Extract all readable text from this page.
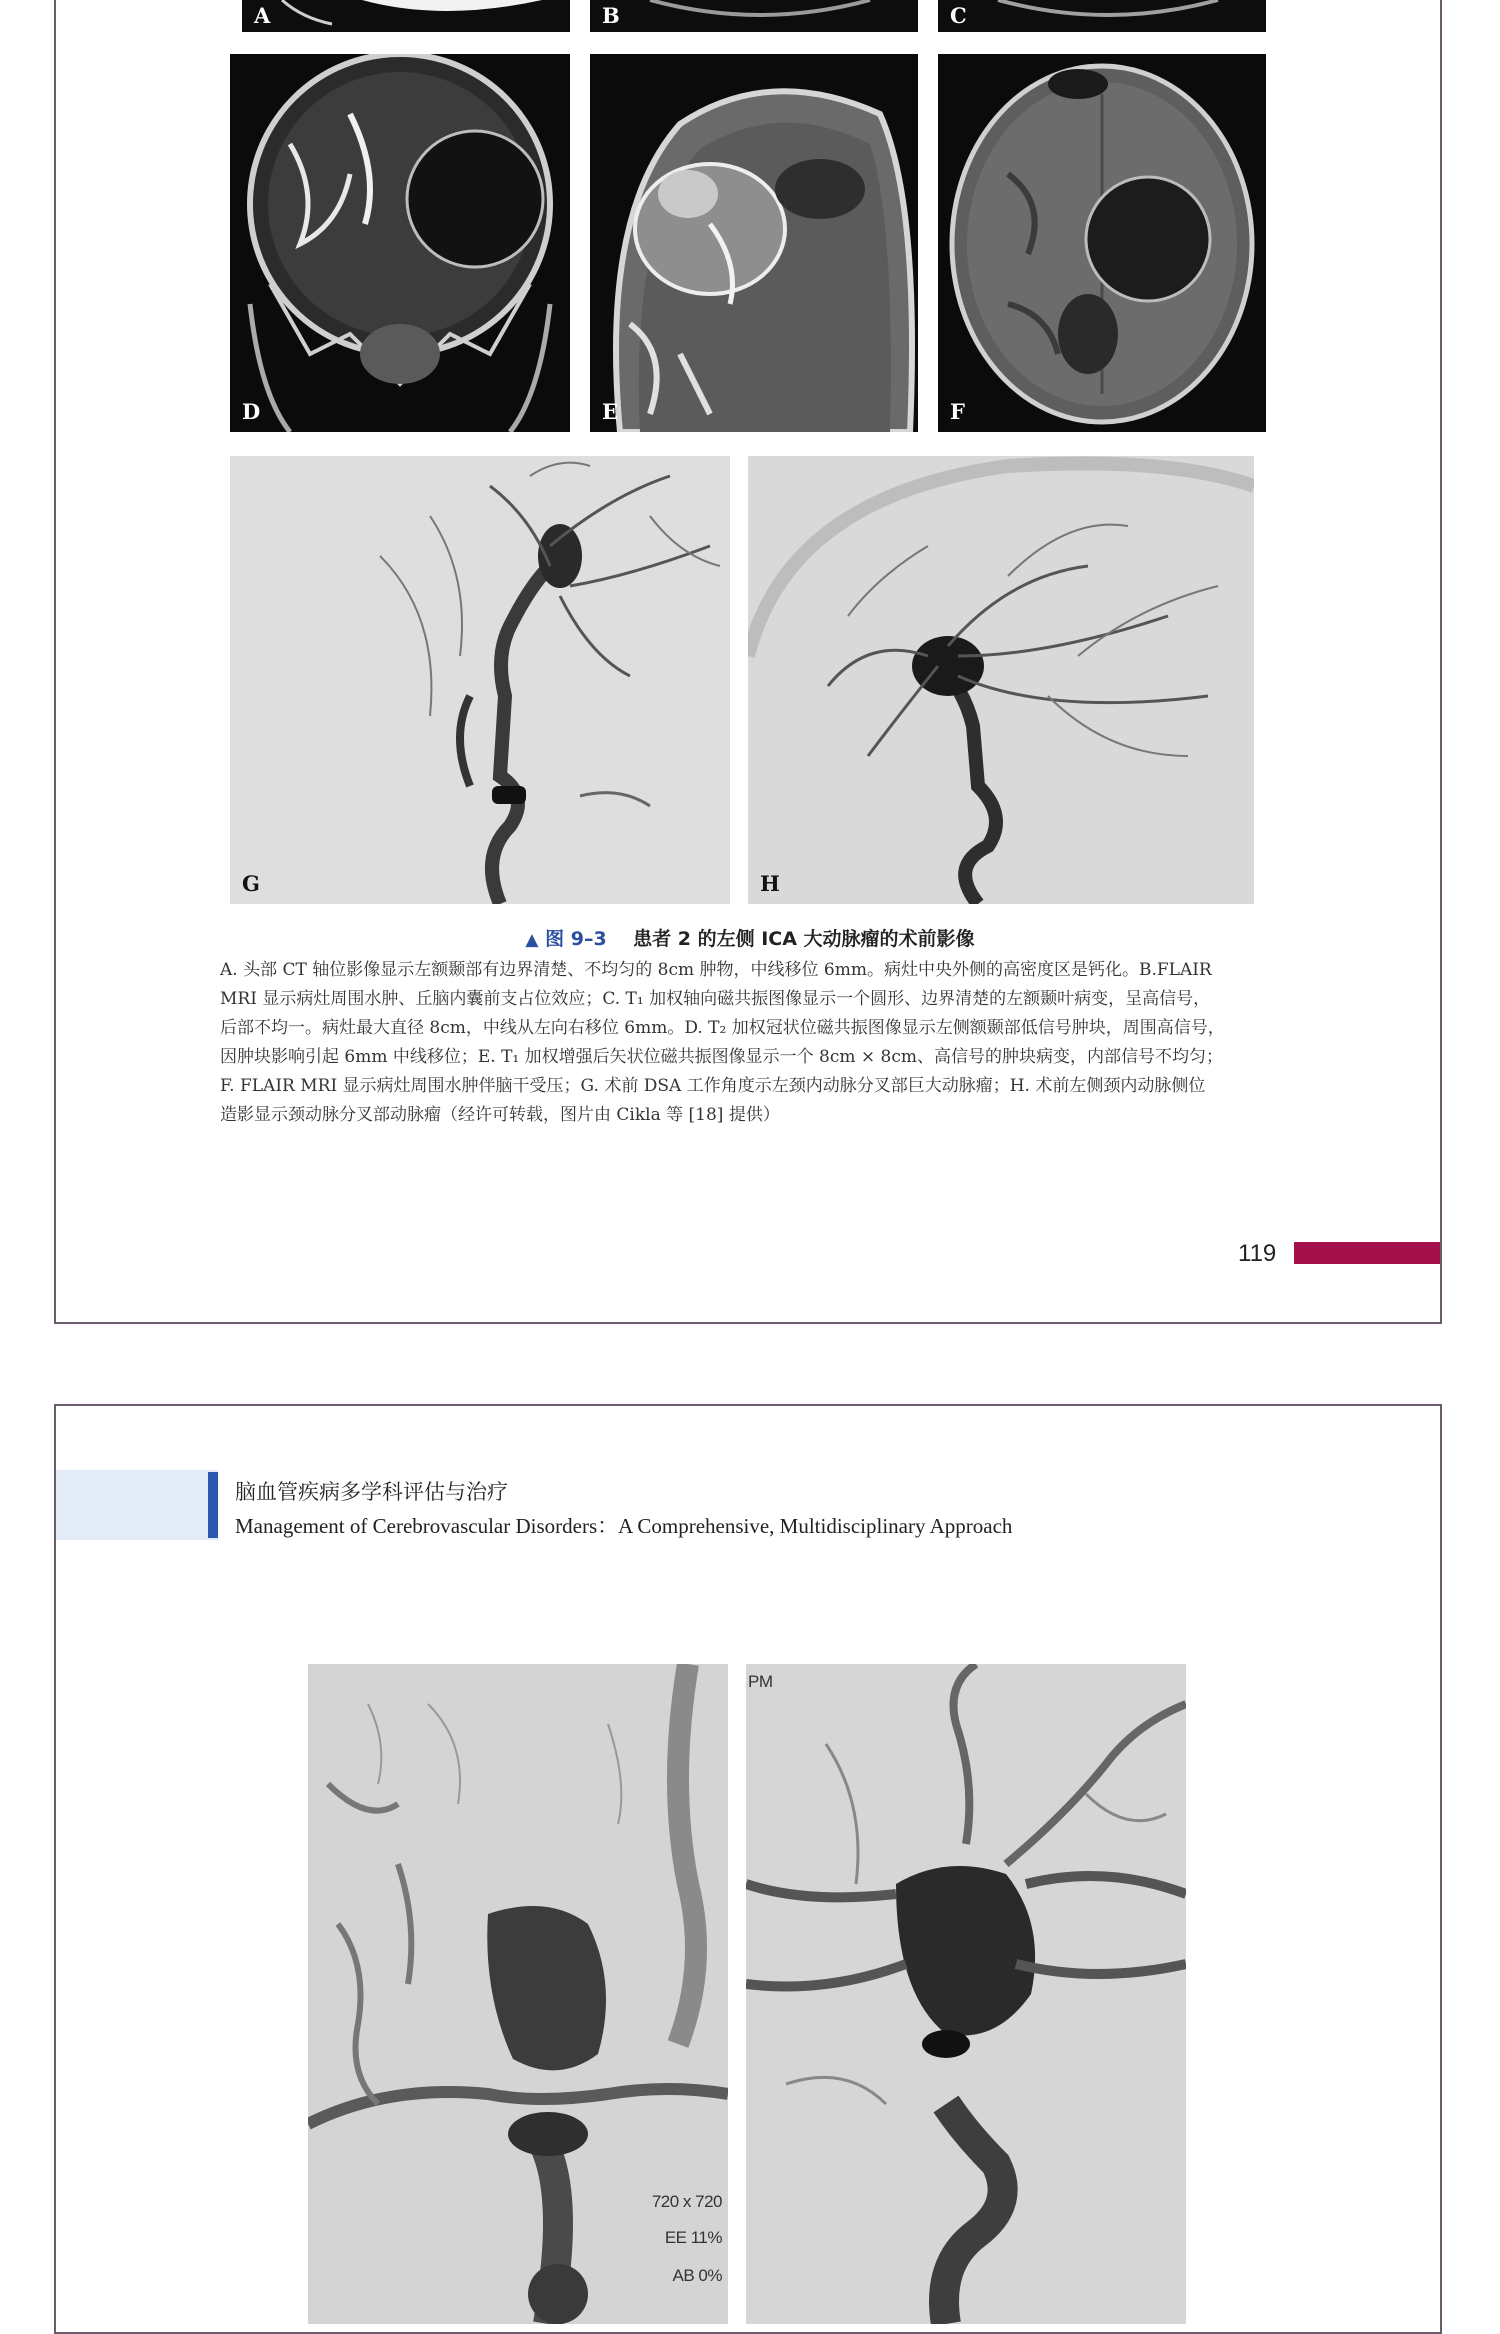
A	B	C
D	E	F
G	H
▲ 图 9–3 患者 2 的左侧 ICA 大动脉瘤的术前影像
A. 头部 CT 轴位影像显示左额颞部有边界清楚、不均匀的 8cm 肿物，中线移位 6mm。病灶中央外侧的高密度区是钙化。B.FLAIR
MRI 显示病灶周围水肿、丘脑内囊前支占位效应；C. T₁ 加权轴向磁共振图像显示一个圆形、边界清楚的左额颞叶病变，呈高信号，
后部不均一。病灶最大直径 8cm，中线从左向右移位 6mm。D. T₂ 加权冠状位磁共振图像显示左侧额颞部低信号肿块，周围高信号，
因肿块影响引起 6mm 中线移位；E. T₁ 加权增强后矢状位磁共振图像显示一个 8cm × 8cm、高信号的肿块病变，内部信号不均匀；
F. FLAIR MRI 显示病灶周围水肿伴脑干受压；G. 术前 DSA 工作角度示左颈内动脉分叉部巨大动脉瘤；H. 术前左侧颈内动脉侧位
造影显示颈动脉分叉部动脉瘤（经许可转载，图片由 Cikla 等 [18] 提供）
119
脑血管疾病多学科评估与治疗
Management of Cerebrovascular Disorders：A Comprehensive, Multidisciplinary Approach
720 x 720
EE 11%
AB 0%
PM
